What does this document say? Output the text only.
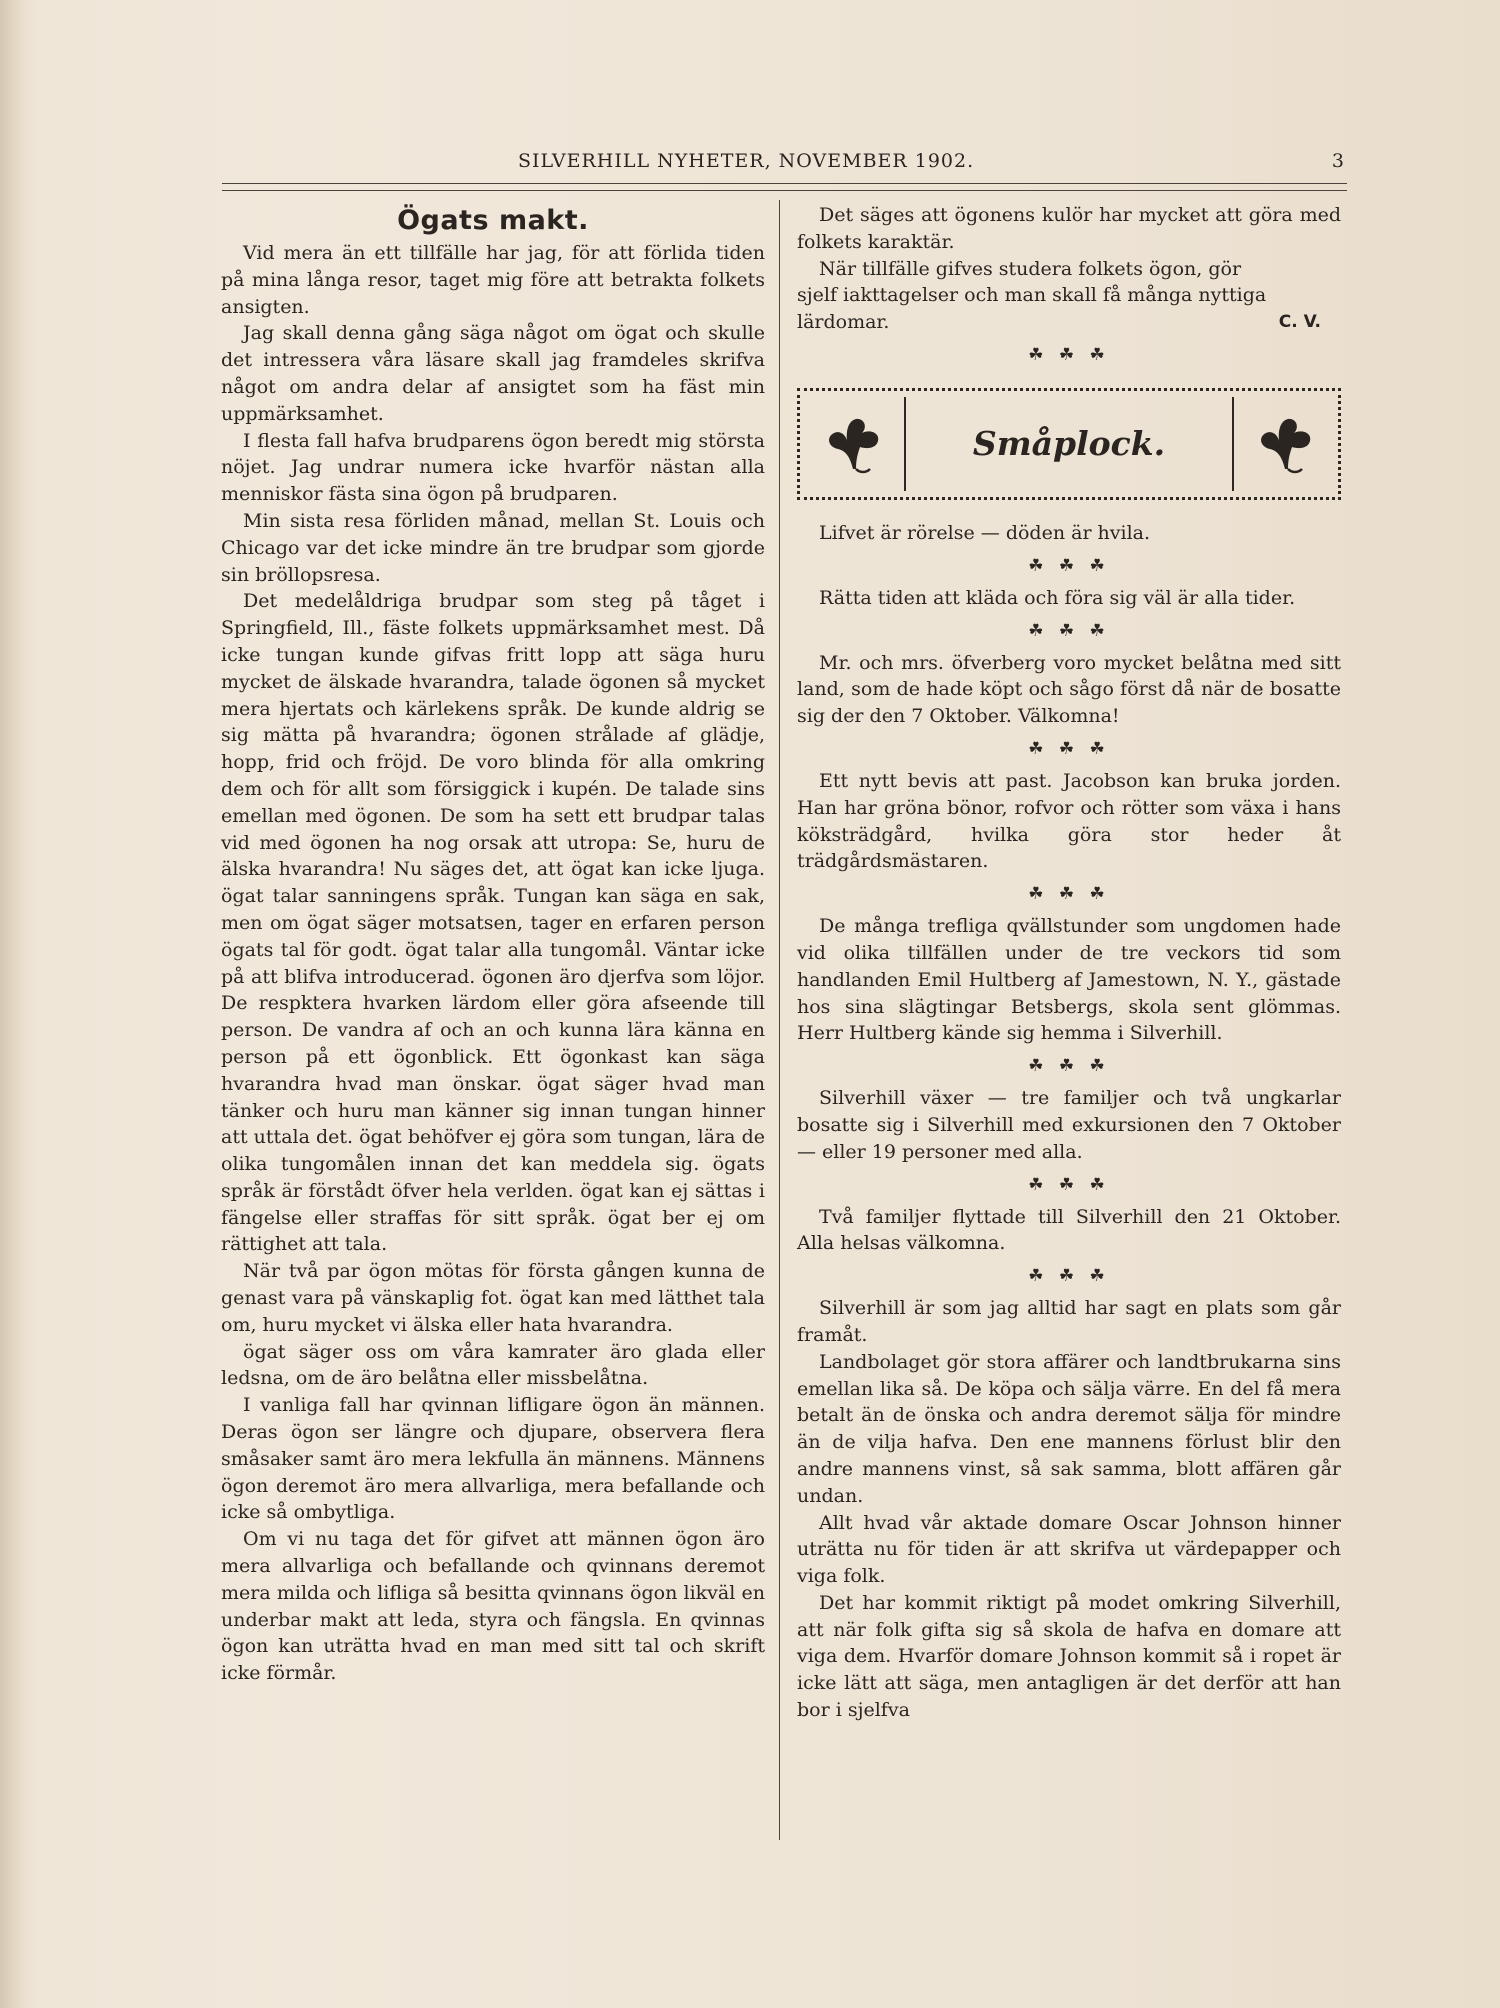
SILVERHILL NYHETER, NOVEMBER 1902.	3
Ögats makt.

Vid mera än ett tillfälle har jag, för att förlida tiden på mina långa resor, taget mig före att betrakta folkets ansigten.

Jag skall denna gång säga något om ögat och skulle det intressera våra läsare skall jag framdeles skrifva något om andra delar af ansigtet som ha fäst min uppmärksamhet.

I flesta fall hafva brudparens ögon beredt mig största nöjet. Jag undrar numera icke hvarför nästan alla menniskor fästa sina ögon på brudparen.

Min sista resa förliden månad, mellan St. Louis och Chicago var det icke mindre än tre brudpar som gjorde sin bröllopsresa.

Det medelåldriga brudpar som steg på tåget i Springfield, Ill., fäste folkets uppmärksamhet mest. Då icke tungan kunde gifvas fritt lopp att säga huru mycket de älskade hvarandra, talade ögonen så mycket mera hjertats och kärlekens språk. De kunde aldrig se sig mätta på hvarandra; ögonen strålade af glädje, hopp, frid och fröjd. De voro blinda för alla omkring dem och för allt som försiggick i kupén. De talade sins emellan med ögonen. De som ha sett ett brudpar talas vid med ögonen ha nog orsak att utropa: Se, huru de älska hvarandra! Nu säges det, att ögat kan icke ljuga. ögat talar sanningens språk. Tungan kan säga en sak, men om ögat säger motsatsen, tager en erfaren person ögats tal för godt. ögat talar alla tungomål. Väntar icke på att blifva introducerad. ögonen äro djerfva som löjor. De respktera hvarken lärdom eller göra afseende till person. De vandra af och an och kunna lära känna en person på ett ögonblick. Ett ögonkast kan säga hvarandra hvad man önskar. ögat säger hvad man tänker och huru man känner sig innan tungan hinner att uttala det. ögat behöfver ej göra som tungan, lära de olika tungomålen innan det kan meddela sig. ögats språk är förstådt öfver hela verlden. ögat kan ej sättas i fängelse eller straffas för sitt språk. ögat ber ej om rättighet att tala.

När två par ögon mötas för första gången kunna de genast vara på vänskaplig fot. ögat kan med lätthet tala om, huru mycket vi älska eller hata hvarandra.

ögat säger oss om våra kamrater äro glada eller ledsna, om de äro belåtna eller missbelåtna.

I vanliga fall har qvinnan lifligare ögon än männen. Deras ögon ser längre och djupare, observera flera småsaker samt äro mera lekfulla än männens. Männens ögon deremot äro mera allvarliga, mera befallande och icke så ombytliga.

Om vi nu taga det för gifvet att männen ögon äro mera allvarliga och befallande och qvinnans deremot mera milda och lifliga så besitta qvinnans ögon likväl en underbar makt att leda, styra och fängsla. En qvinnas ögon kan uträtta hvad en man med sitt tal och skrift icke förmår.

Det säges att ögonens kulör har mycket att göra med folkets karaktär.

När tillfälle gifves studera folkets ögon, gör sjelf iakttagelser och man skall få många nyttiga lärdomar.	C. V.
☘ ☘ ☘
Småplock.

Lifvet är rörelse — döden är hvila.

☘ ☘ ☘

Rätta tiden att kläda och föra sig väl är alla tider.

☘ ☘ ☘

Mr. och mrs. öfverberg voro mycket belåtna med sitt land, som de hade köpt och sågo först då när de bosatte sig der den 7 Oktober. Välkomna!

☘ ☘ ☘

Ett nytt bevis att past. Jacobson kan bruka jorden. Han har gröna bönor, rofvor och rötter som växa i hans köksträdgård, hvilka göra stor heder åt trädgårdsmästaren.

☘ ☘ ☘

De många trefliga qvällstunder som ungdomen hade vid olika tillfällen under de tre veckors tid som handlanden Emil Hultberg af Jamestown, N. Y., gästade hos sina slägtingar Betsbergs, skola sent glömmas. Herr Hultberg kände sig hemma i Silverhill.

☘ ☘ ☘

Silverhill växer — tre familjer och två ungkarlar bosatte sig i Silverhill med exkursionen den 7 Oktober — eller 19 personer med alla.

☘ ☘ ☘

Två familjer flyttade till Silverhill den 21 Oktober. Alla helsas välkomna.

☘ ☘ ☘

Silverhill är som jag alltid har sagt en plats som går framåt.

Landbolaget gör stora affärer och landtbrukarna sins emellan lika så. De köpa och sälja värre. En del få mera betalt än de önska och andra deremot sälja för mindre än de vilja hafva. Den ene mannens förlust blir den andre mannens vinst, så sak samma, blott affären går undan.

Allt hvad vår aktade domare Oscar Johnson hinner uträtta nu för tiden är att skrifva ut värdepapper och viga folk.

Det har kommit riktigt på modet omkring Silverhill, att när folk gifta sig så skola de hafva en domare att viga dem. Hvarför domare Johnson kommit så i ropet är icke lätt att säga, men antagligen är det derför att han bor i sjelfva
